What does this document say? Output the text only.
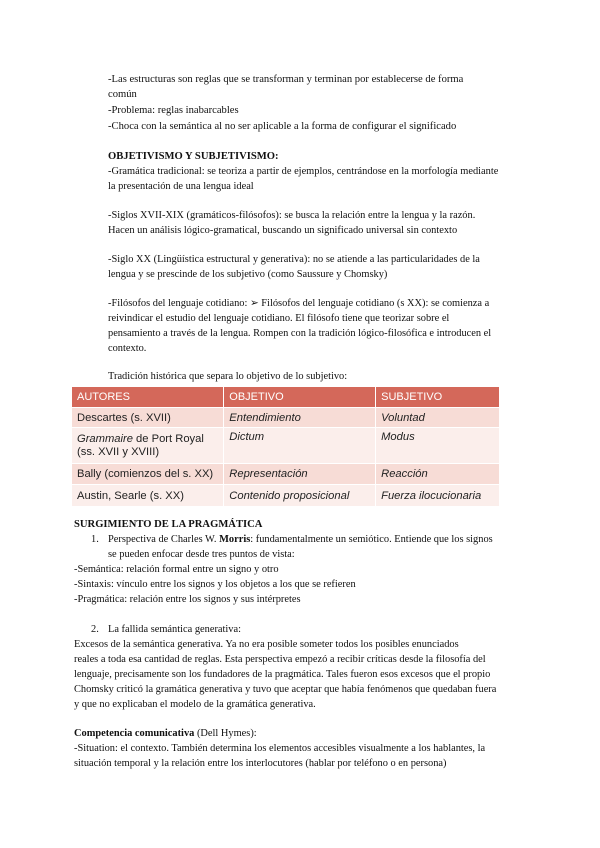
-Las estructuras son reglas que se transforman y terminan por establecerse de forma
común
-Problema: reglas inabarcables
-Choca con la semántica al no ser aplicable a la forma de configurar el significado
OBJETIVISMO Y SUBJETIVISMO:
-Gramática tradicional: se teoriza a partir de ejemplos, centrándose en la morfología mediante
la presentación de una lengua ideal
-Siglos XVII-XIX (gramáticos-filósofos): se busca la relación entre la lengua y la razón.
Hacen un análisis lógico-gramatical, buscando un significado universal sin contexto
-Siglo XX (Lingüística estructural y generativa): no se atiende a las particularidades de la
lengua y se prescinde de los subjetivo (como Saussure y Chomsky)
-Filósofos del lenguaje cotidiano: ➢ Filósofos del lenguaje cotidiano (s XX): se comienza a
reivindicar el estudio del lenguaje cotidiano. El filósofo tiene que teorizar sobre el
pensamiento a través de la lengua. Rompen con la tradición lógico-filosófica e introducen el
contexto.
Tradición histórica que separa lo objetivo de lo subjetivo:
AUTORES	OBJETIVO	SUBJETIVO
Descartes (s. XVII)	Entendimiento	Voluntad
Grammaire de Port Royal
(ss. XVII y XVIII)	Dictum	Modus
Bally (comienzos del s. XX)	Representación	Reacción
Austin, Searle (s. XX)	Contenido proposicional	Fuerza ilocucionaria
SURGIMIENTO DE LA PRAGMÁTICA
1. Perspectiva de Charles W. Morris: fundamentalmente un semiótico. Entiende que los signos
se pueden enfocar desde tres puntos de vista:
-Semántica: relación formal entre un signo y otro
-Sintaxis: vínculo entre los signos y los objetos a los que se refieren
-Pragmática: relación entre los signos y sus intérpretes
2. La fallida semántica generativa:
Excesos de la semántica generativa. Ya no era posible someter todos los posibles enunciados
reales a toda esa cantidad de reglas. Esta perspectiva empezó a recibir críticas desde la filosofía del
lenguaje, precisamente son los fundadores de la pragmática. Tales fueron esos excesos que el propio
Chomsky criticó la gramática generativa y tuvo que aceptar que había fenómenos que quedaban fuera
y que no explicaban el modelo de la gramática generativa.
Competencia comunicativa (Dell Hymes):
-Situation: el contexto. También determina los elementos accesibles visualmente a los hablantes, la
situación temporal y la relación entre los interlocutores (hablar por teléfono o en persona)
